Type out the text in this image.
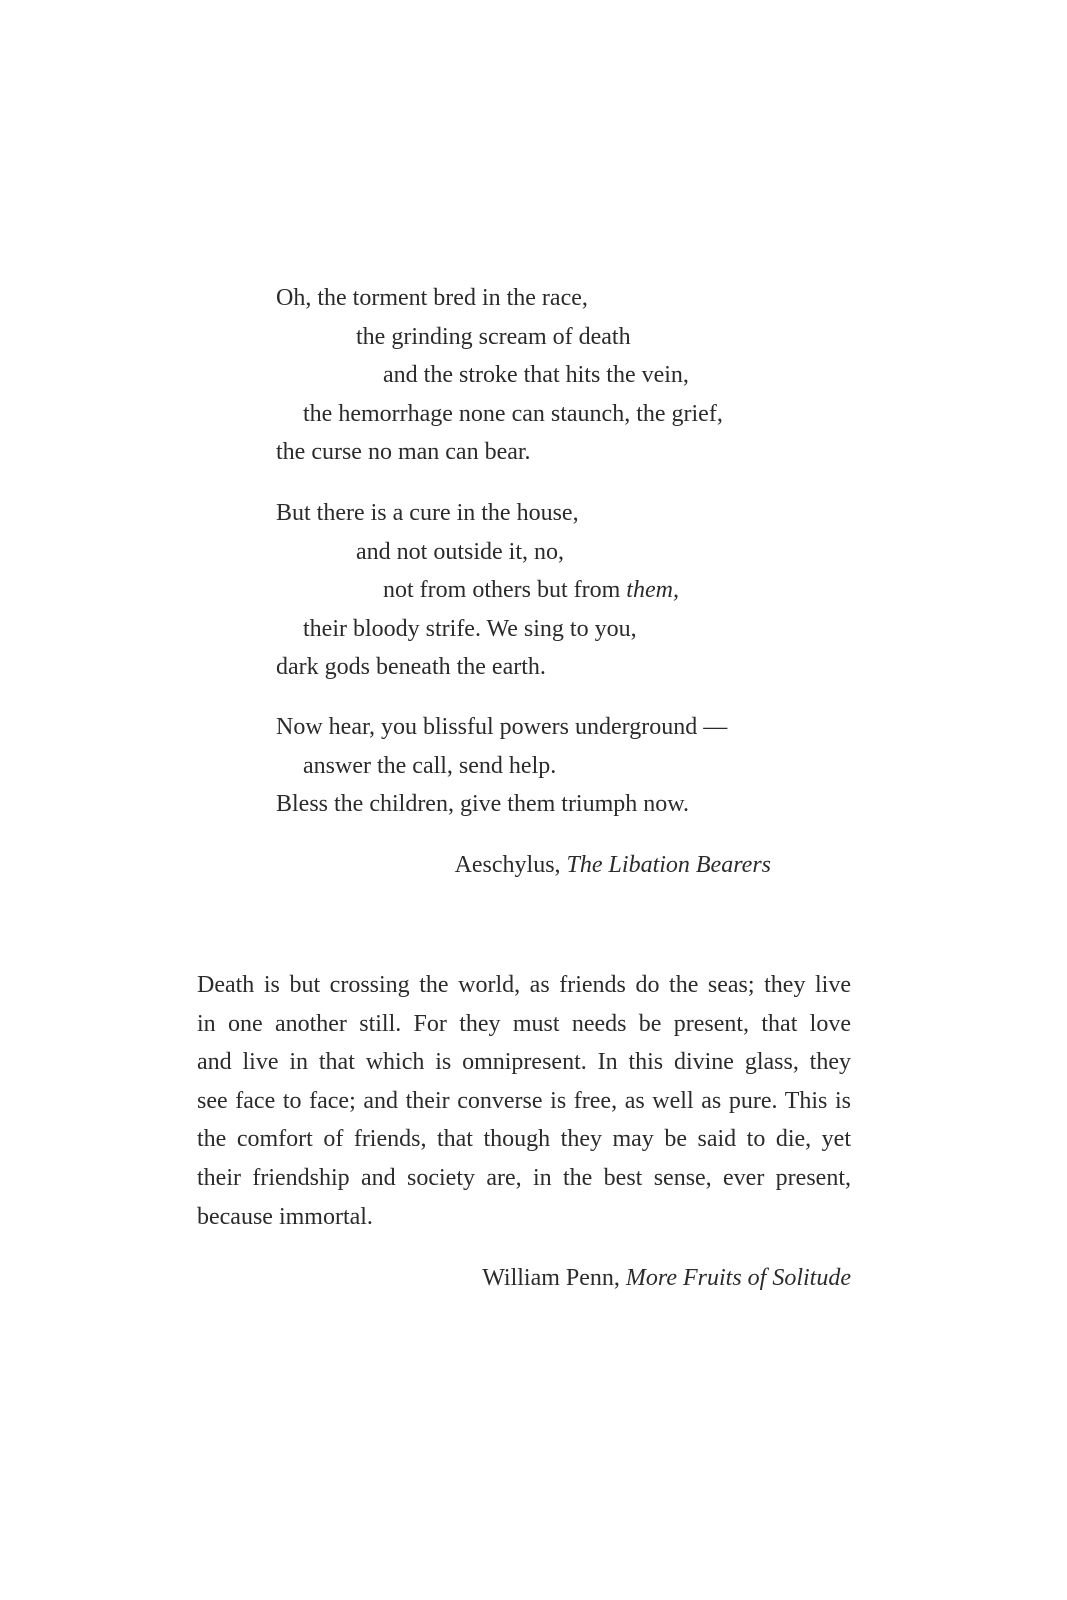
Oh, the torment bred in the race,
the grinding scream of death
and the stroke that hits the vein,
the hemorrhage none can staunch, the grief,
the curse no man can bear.
But there is a cure in the house,
and not outside it, no,
not from others but from them,
their bloody strife. We sing to you,
dark gods beneath the earth.
Now hear, you blissful powers underground —
answer the call, send help.
Bless the children, give them triumph now.
Aeschylus, The Libation Bearers
Death is but crossing the world, as friends do the seas; they live
in one another still. For they must needs be present, that love
and live in that which is omnipresent. In this divine glass, they
see face to face; and their converse is free, as well as pure. This is
the comfort of friends, that though they may be said to die, yet
their friendship and society are, in the best sense, ever present,
because immortal.
William Penn, More Fruits of Solitude
